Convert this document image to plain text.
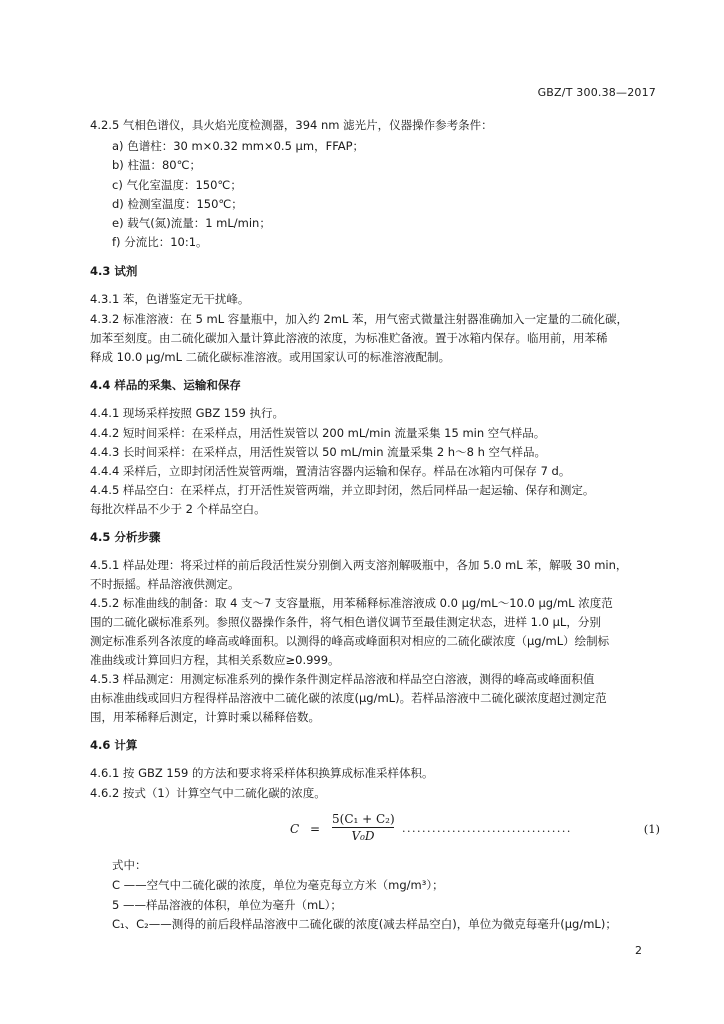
GBZ/T 300.38—2017
4.2.5 气相色谱仪，具火焰光度检测器，394 nm 滤光片，仪器操作参考条件：
a) 色谱柱：30 m×0.32 mm×0.5 μm，FFAP；
b) 柱温：80℃；
c) 气化室温度：150℃；
d) 检测室温度：150℃；
e) 载气(氮)流量：1 mL/min；
f) 分流比：10:1。
4.3 试剂
4.3.1 苯，色谱鉴定无干扰峰。
4.3.2 标准溶液：在 5 mL 容量瓶中，加入约 2mL 苯，用气密式微量注射器准确加入一定量的二硫化碳，
加苯至刻度。由二硫化碳加入量计算此溶液的浓度，为标准贮备液。置于冰箱内保存。临用前，用苯稀
释成 10.0 μg/mL 二硫化碳标准溶液。或用国家认可的标准溶液配制。
4.4 样品的采集、运输和保存
4.4.1 现场采样按照 GBZ 159 执行。
4.4.2 短时间采样：在采样点，用活性炭管以 200 mL/min 流量采集 15 min 空气样品。
4.4.3 长时间采样：在采样点，用活性炭管以 50 mL/min 流量采集 2 h～8 h 空气样品。
4.4.4 采样后，立即封闭活性炭管两端，置清洁容器内运输和保存。样品在冰箱内可保存 7 d。
4.4.5 样品空白：在采样点，打开活性炭管两端，并立即封闭，然后同样品一起运输、保存和测定。
每批次样品不少于 2 个样品空白。
4.5 分析步骤
4.5.1 样品处理：将采过样的前后段活性炭分别倒入两支溶剂解吸瓶中，各加 5.0 mL 苯，解吸 30 min，
不时振摇。样品溶液供测定。
4.5.2 标准曲线的制备：取 4 支～7 支容量瓶，用苯稀释标准溶液成 0.0 μg/mL～10.0 μg/mL 浓度范
围的二硫化碳标准系列。参照仪器操作条件，将气相色谱仪调节至最佳测定状态，进样 1.0 μL，分别
测定标准系列各浓度的峰高或峰面积。以测得的峰高或峰面积对相应的二硫化碳浓度（μg/mL）绘制标
准曲线或计算回归方程，其相关系数应≥0.999。
4.5.3 样品测定：用测定标准系列的操作条件测定样品溶液和样品空白溶液，测得的峰高或峰面积值
由标准曲线或回归方程得样品溶液中二硫化碳的浓度(μg/mL)。若样品溶液中二硫化碳浓度超过测定范
围，用苯稀释后测定，计算时乘以稀释倍数。
4.6 计算
4.6.1 按 GBZ 159 的方法和要求将采样体积换算成标准采样体积。
4.6.2 按式（1）计算空气中二硫化碳的浓度。
$C = \frac{\text{5(C₁ + C₂)}}{\text{V₀D}}$ ..................................	(1)
式中：
C ——空气中二硫化碳的浓度，单位为毫克每立方米（mg/m³）；
5 ——样品溶液的体积，单位为毫升（mL）；
C₁、C₂——测得的前后段样品溶液中二硫化碳的浓度(减去样品空白)，单位为微克每毫升(μg/mL)；
2
